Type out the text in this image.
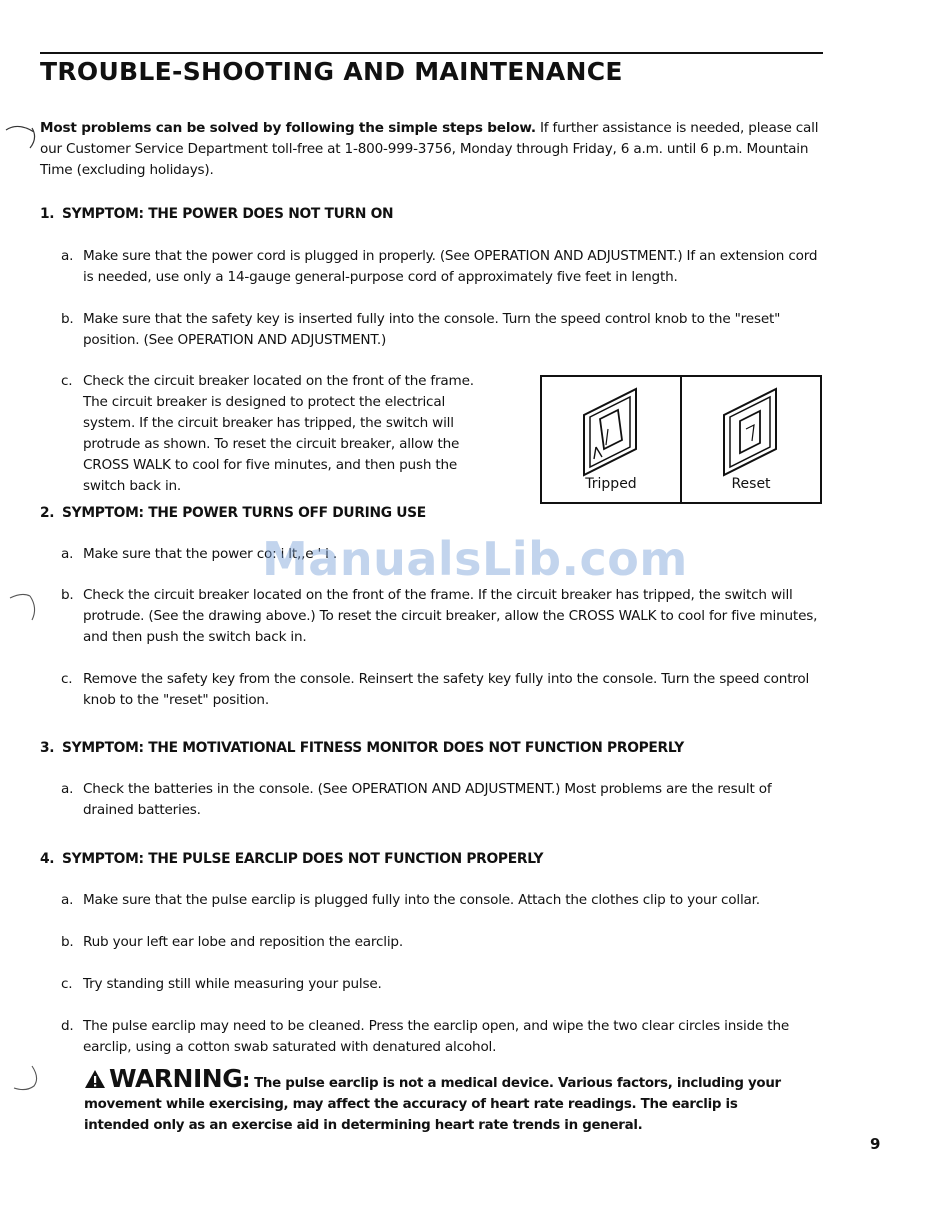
TROUBLE-SHOOTING AND MAINTENANCE
Most problems can be solved by following the simple steps below. If further assistance is needed, please call our Customer Service Department toll-free at 1-800-999-3756, Monday through Friday, 6 a.m. until 6 p.m. Mountain Time (excluding holidays).
1. SYMPTOM: THE POWER DOES NOT TURN ON
a. Make sure that the power cord is plugged in properly. (See OPERATION AND ADJUSTMENT.) If an extension cord is needed, use only a 14-gauge general-purpose cord of approximately five feet in length.
b. Make sure that the safety key is inserted fully into the console. Turn the speed control knob to the "reset" position. (See OPERATION AND ADJUSTMENT.)
c. Check the circuit breaker located on the front of the frame. The circuit breaker is designed to protect the electrical system. If the circuit breaker has tripped, the switch will protrude as shown. To reset the circuit breaker, allow the CROSS WALK to cool for five minutes, and then push the switch back in.	Tripped	Reset
2. SYMPTOM: THE POWER TURNS OFF DURING USE
a. Make sure that the power co: i lt,,e ' i .
b. Check the circuit breaker located on the front of the frame. If the circuit breaker has tripped, the switch will protrude. (See the drawing above.) To reset the circuit breaker, allow the CROSS WALK to cool for five minutes, and then push the switch back in.
c. Remove the safety key from the console. Reinsert the safety key fully into the console. Turn the speed control knob to the "reset" position.
ManualsLib.com
3. SYMPTOM: THE MOTIVATIONAL FITNESS MONITOR DOES NOT FUNCTION PROPERLY
a. Check the batteries in the console. (See OPERATION AND ADJUSTMENT.) Most problems are the result of drained batteries.
4. SYMPTOM: THE PULSE EARCLIP DOES NOT FUNCTION PROPERLY
a. Make sure that the pulse earclip is plugged fully into the console. Attach the clothes clip to your collar.
b. Rub your left ear lobe and reposition the earclip.
c. Try standing still while measuring your pulse.
d. The pulse earclip may need to be cleaned. Press the earclip open, and wipe the two clear circles inside the earclip, using a cotton swab saturated with denatured alcohol.
WARNING: The pulse earclip is not a medical device. Various factors, including your movement while exercising, may affect the accuracy of heart rate readings. The earclip is intended only as an exercise aid in determining heart rate trends in general.
9
